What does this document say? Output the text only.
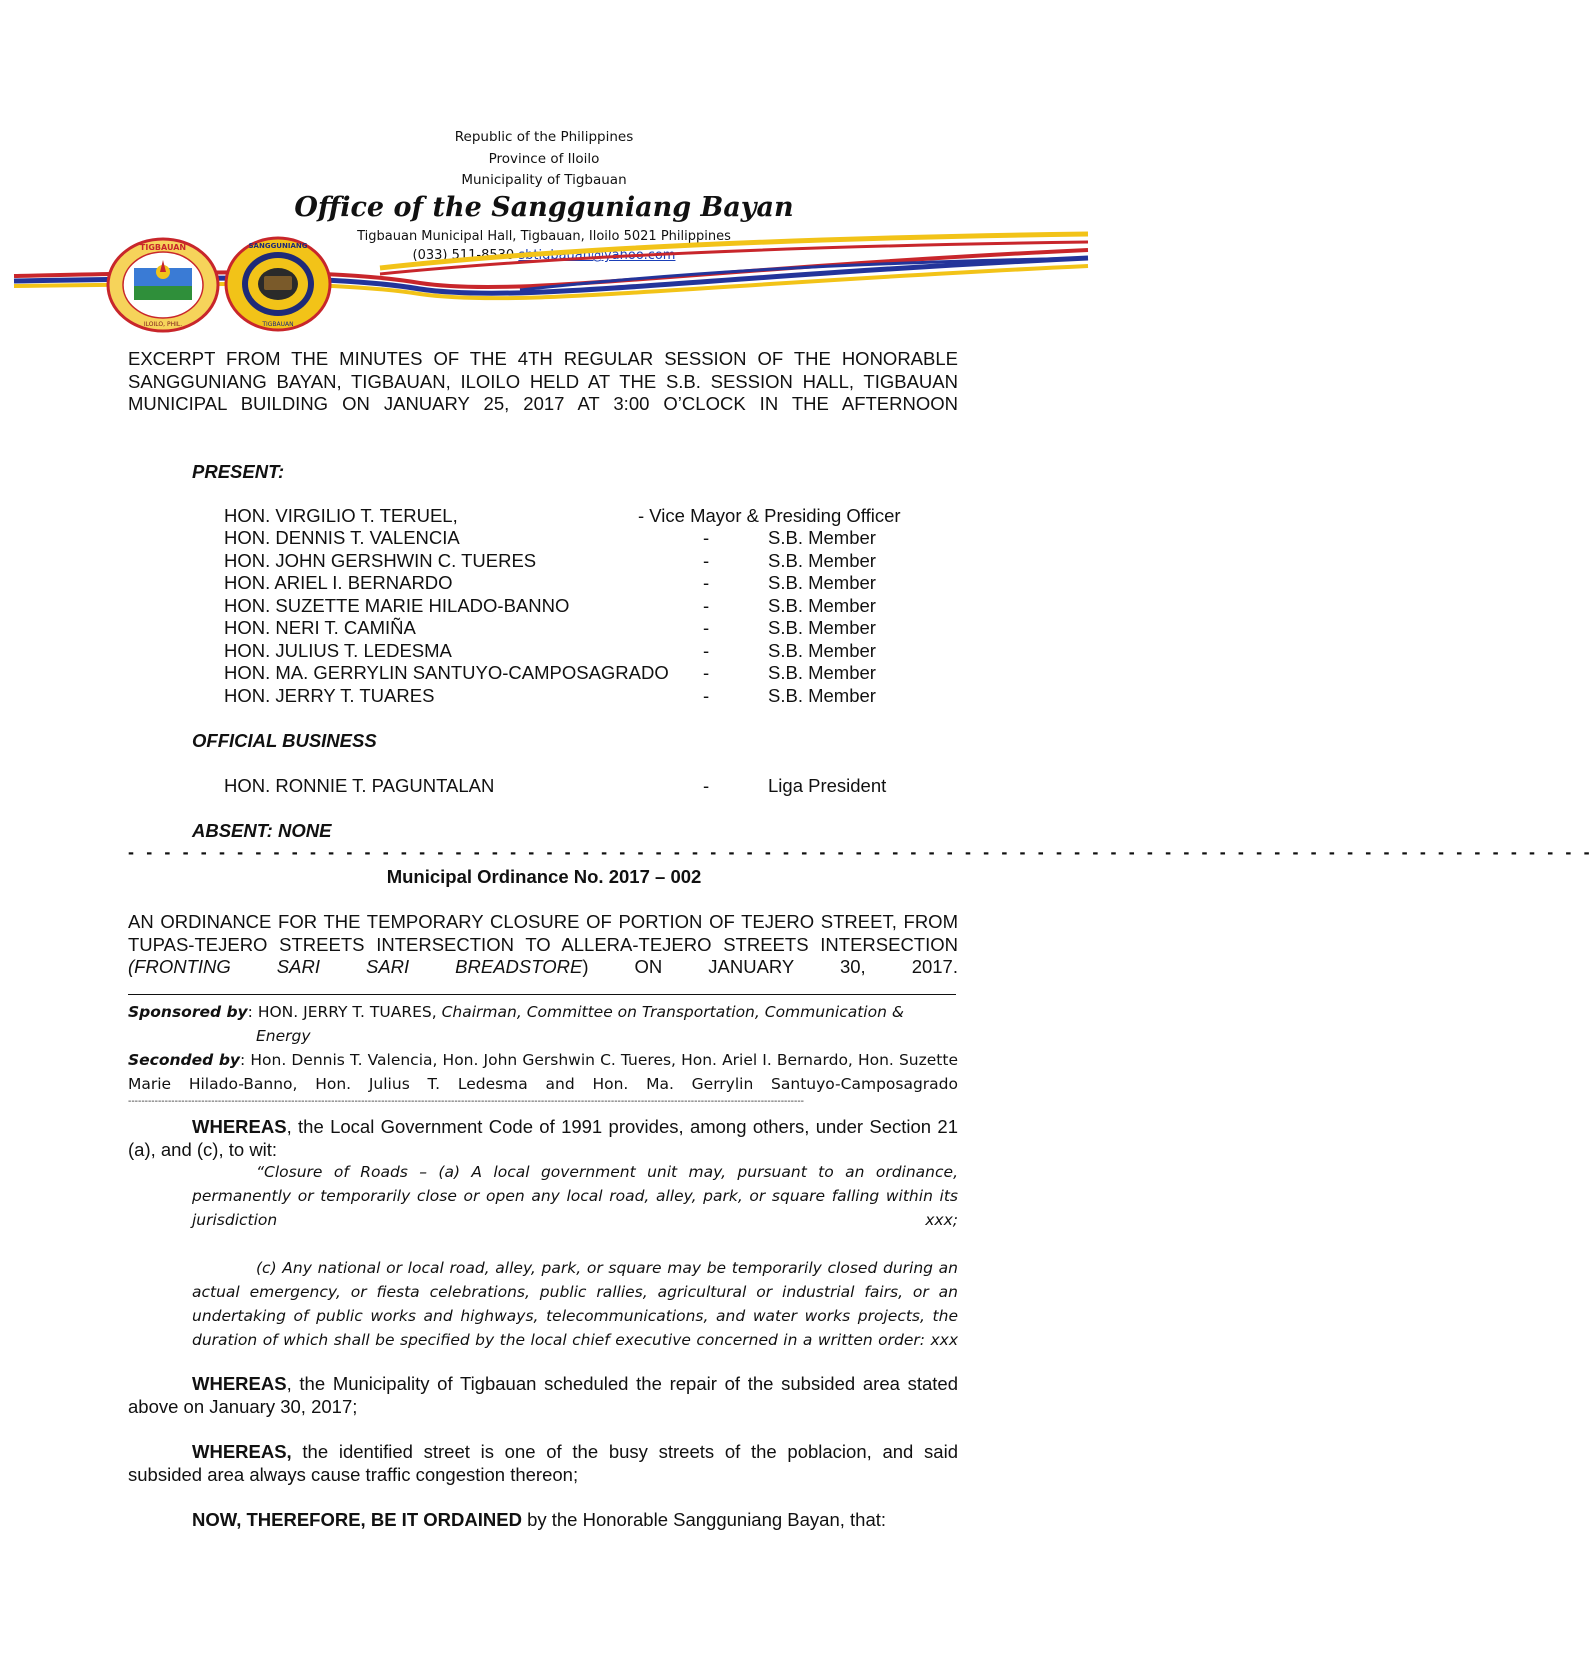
Republic of the Philippines
Province of Iloilo
Municipality of Tigbauan
Office of the Sangguniang Bayan
Tigbauan Municipal Hall, Tigbauan, Iloilo 5021 Philippines
(033) 511-8530 sbtigbauan@yahoo.com
TIGBAUAN
ILOILO, PHIL.
SANGGUNIANG
TIGBAUAN
EXCERPT FROM THE MINUTES OF THE 4TH REGULAR SESSION OF THE HONORABLE SANGGUNIANG BAYAN, TIGBAUAN, ILOILO HELD AT THE S.B. SESSION HALL, TIGBAUAN MUNICIPAL BUILDING ON JANUARY 25, 2017 AT 3:00 O’CLOCK IN THE AFTERNOON
PRESENT:
HON. VIRGILIO T. TERUEL,	- Vice Mayor & Presiding Officer
HON. DENNIS T. VALENCIA	-	S.B. Member
HON. JOHN GERSHWIN C. TUERES	-	S.B. Member
HON. ARIEL I. BERNARDO	-	S.B. Member
HON. SUZETTE MARIE HILADO-BANNO	-	S.B. Member
HON. NERI T. CAMIÑA	-	S.B. Member
HON. JULIUS T. LEDESMA	-	S.B. Member
HON. MA. GERRYLIN SANTUYO-CAMPOSAGRADO -	S.B. Member
HON. JERRY T. TUARES	-	S.B. Member
OFFICIAL BUSINESS
HON. RONNIE T. PAGUNTALAN	-	Liga President
ABSENT: NONE
- - - - - - - - - - - - - - - - - - - - - - - - - - - - - - - - - - - - - - - - - - - - - - - - - - - - - - - - - - - - - - - - - - - - - - - - - - - - - - - - -
Municipal Ordinance No. 2017 – 002
AN ORDINANCE FOR THE TEMPORARY CLOSURE OF PORTION OF TEJERO STREET, FROM TUPAS-TEJERO STREETS INTERSECTION TO ALLERA-TEJERO STREETS INTERSECTION (FRONTING SARI SARI BREADSTORE) ON JANUARY 30, 2017.
Sponsored by: HON. JERRY T. TUARES, Chairman, Committee on Transportation, Communication &
Energy
Seconded by: Hon. Dennis T. Valencia, Hon. John Gershwin C. Tueres, Hon. Ariel I. Bernardo, Hon. Suzette Marie Hilado-Banno, Hon. Julius T. Ledesma and Hon. Ma. Gerrylin Santuyo-Camposagrado
-----------------------------------------------------------------------------------------------------------------------------------------------------------------------------------------------------------
WHEREAS, the Local Government Code of 1991 provides, among others, under Section 21 (a), and (c), to wit:
“Closure of Roads – (a) A local government unit may, pursuant to an ordinance, permanently or temporarily close or open any local road, alley, park, or square falling within its jurisdiction xxx;
(c) Any national or local road, alley, park, or square may be temporarily closed during an actual emergency, or fiesta celebrations, public rallies, agricultural or industrial fairs, or an undertaking of public works and highways, telecommunications, and water works projects, the duration of which shall be specified by the local chief executive concerned in a written order: xxx
WHEREAS, the Municipality of Tigbauan scheduled the repair of the subsided area stated above on January 30, 2017;
WHEREAS, the identified street is one of the busy streets of the poblacion, and said subsided area always cause traffic congestion thereon;
NOW, THEREFORE, BE IT ORDAINED by the Honorable Sangguniang Bayan, that:
